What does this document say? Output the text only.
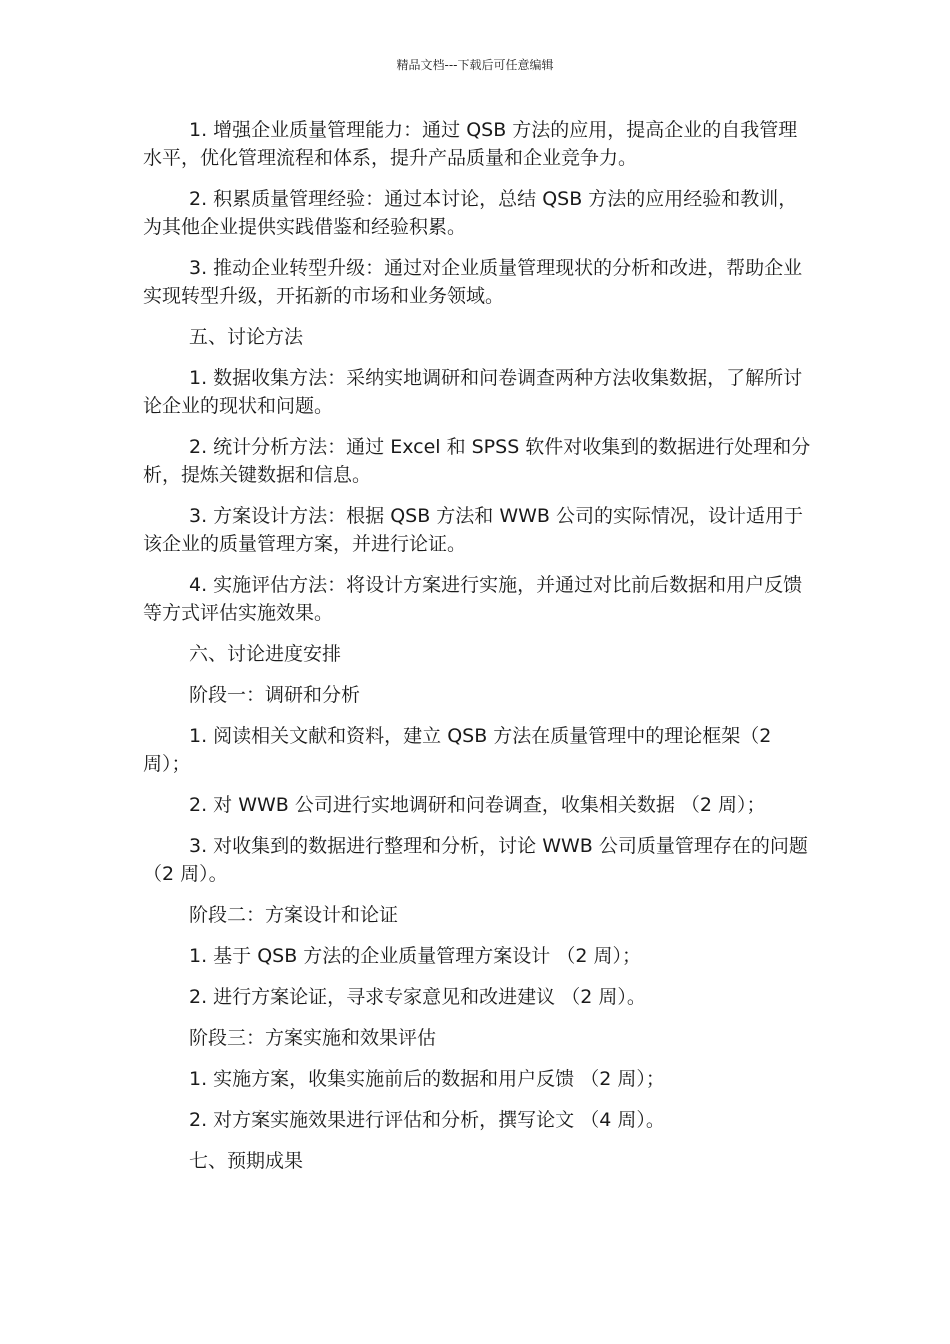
精品文档---下载后可任意编辑

1. 增强企业质量管理能力：通过 QSB 方法的应用，提高企业的自我管理水平，优化管理流程和体系，提升产品质量和企业竞争力。

2. 积累质量管理经验：通过本讨论，总结 QSB 方法的应用经验和教训，为其他企业提供实践借鉴和经验积累。

3. 推动企业转型升级：通过对企业质量管理现状的分析和改进，帮助企业实现转型升级，开拓新的市场和业务领域。

五、讨论方法

1. 数据收集方法：采纳实地调研和问卷调查两种方法收集数据，了解所讨论企业的现状和问题。

2. 统计分析方法：通过 Excel 和 SPSS 软件对收集到的数据进行处理和分析，提炼关键数据和信息。

3. 方案设计方法：根据 QSB 方法和 WWB 公司的实际情况，设计适用于该企业的质量管理方案，并进行论证。

4. 实施评估方法：将设计方案进行实施，并通过对比前后数据和用户反馈等方式评估实施效果。

六、讨论进度安排

阶段一：调研和分析

1. 阅读相关文献和资料，建立 QSB 方法在质量管理中的理论框架（2 周）；

2. 对 WWB 公司进行实地调研和问卷调查，收集相关数据 （2 周）；

3. 对收集到的数据进行整理和分析，讨论 WWB 公司质量管理存在的问题 （2 周）。

阶段二：方案设计和论证

1. 基于 QSB 方法的企业质量管理方案设计 （2 周）；

2. 进行方案论证，寻求专家意见和改进建议 （2 周）。

阶段三：方案实施和效果评估

1. 实施方案，收集实施前后的数据和用户反馈 （2 周）；

2. 对方案实施效果进行评估和分析，撰写论文 （4 周）。

七、预期成果
